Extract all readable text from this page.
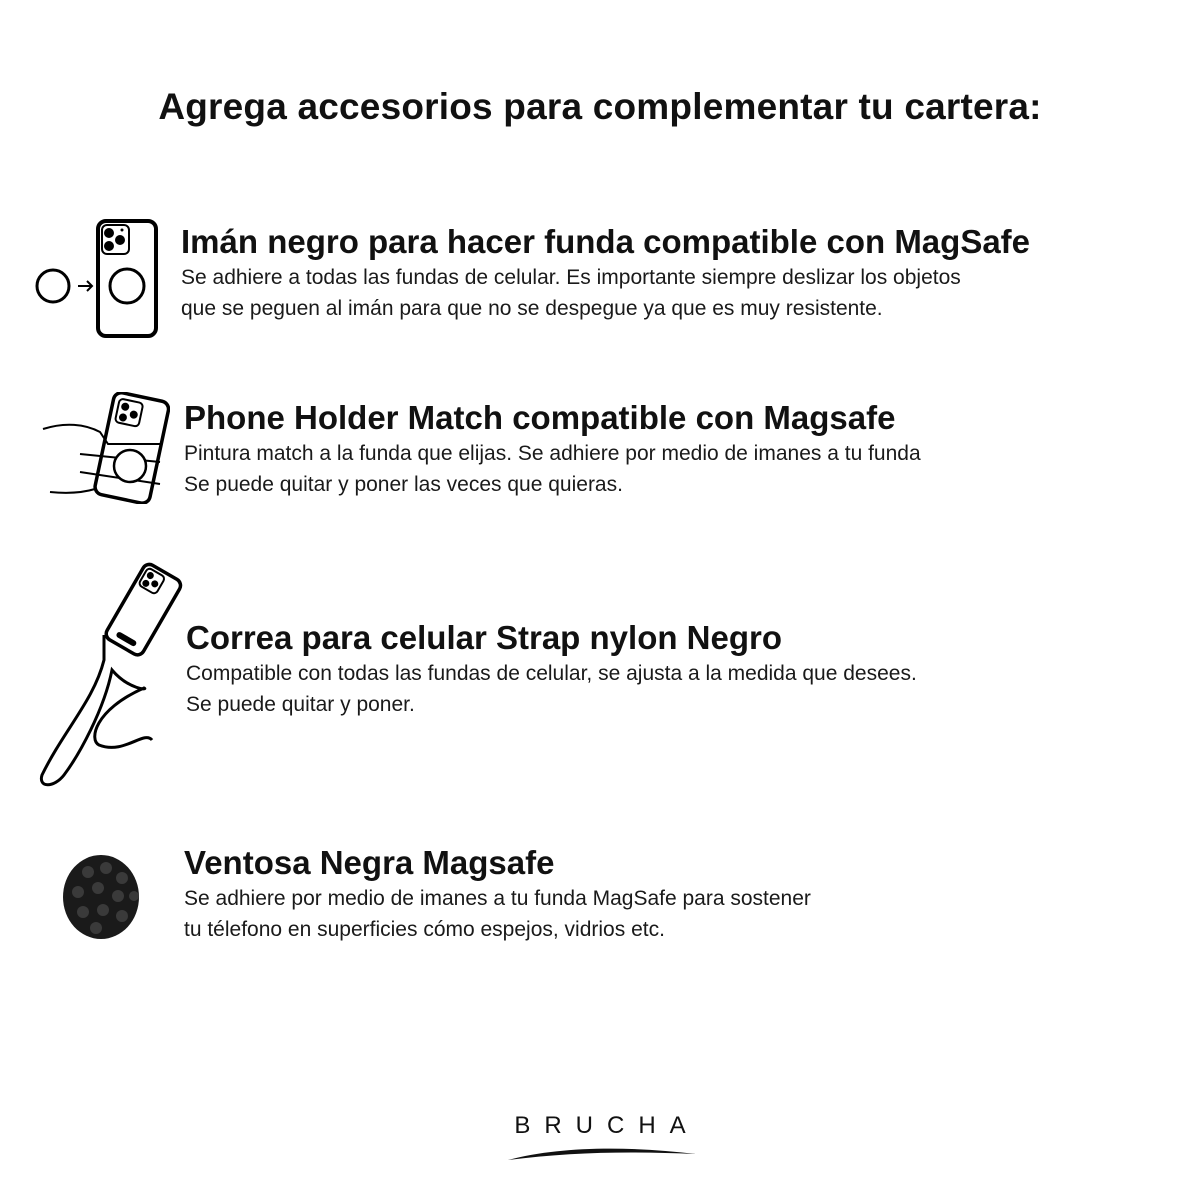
Agrega accesorios para complementar tu cartera:
Imán negro para hacer funda compatible con MagSafe

Se adhiere a todas las fundas de celular. Es importante siempre deslizar los objetos

que se peguen al imán para que no se despegue ya que es muy resistente.

Phone Holder Match compatible con Magsafe

Pintura match a la funda que elijas. Se adhiere por medio de imanes a tu funda

Se puede quitar y poner las veces que quieras.

Correa para celular Strap nylon Negro

Compatible con todas las fundas de celular, se ajusta a la medida que desees.

Se puede quitar y poner.

Ventosa Negra Magsafe

Se adhiere por medio de imanes a tu funda MagSafe para sostener

tu télefono en superficies cómo espejos, vidrios etc.

BRUCHA
